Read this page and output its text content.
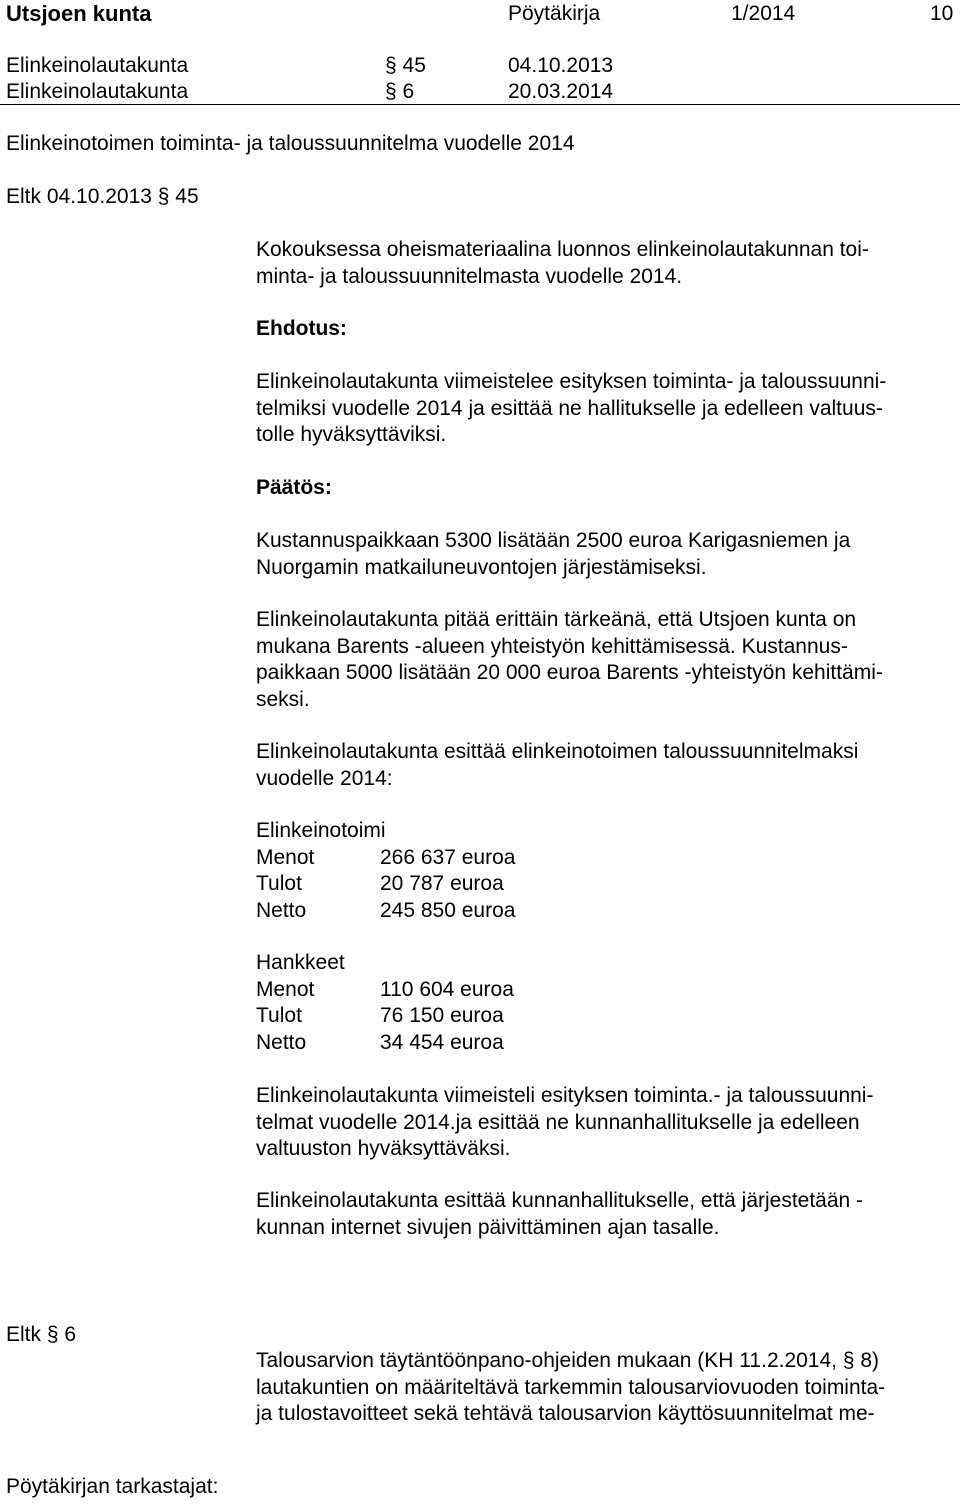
Utsjoen kunta	Pöytäkirja	1/2014	10
Elinkeinolautakunta	§ 45	04.10.2013
Elinkeinolautakunta	§ 6	20.03.2014
Elinkeinotoimen toiminta- ja taloussuunnitelma vuodelle 2014
Eltk 04.10.2013 § 45
Kokouksessa oheismateriaalina luonnos elinkeinolautakunnan toi-
minta- ja taloussuunnitelmasta vuodelle 2014.
Ehdotus:
Elinkeinolautakunta viimeistelee esityksen toiminta- ja taloussuunni-
telmiksi vuodelle 2014 ja esittää ne hallitukselle ja edelleen valtuus-
tolle hyväksyttäviksi.
Päätös:
Kustannuspaikkaan 5300 lisätään 2500 euroa Karigasniemen ja
Nuorgamin matkailuneuvontojen järjestämiseksi.
Elinkeinolautakunta pitää erittäin tärkeänä, että Utsjoen kunta on
mukana Barents -alueen yhteistyön kehittämisessä. Kustannus-
paikkaan 5000 lisätään 20 000 euroa Barents -yhteistyön kehittämi-
seksi.
Elinkeinolautakunta esittää elinkeinotoimen taloussuunnitelmaksi
vuodelle 2014:
Elinkeinotoimi
Menot	266 637 euroa
Tulot	20 787 euroa
Netto	245 850 euroa
Hankkeet
Menot	110 604 euroa
Tulot	76 150 euroa
Netto	34 454 euroa
Elinkeinolautakunta viimeisteli esityksen toiminta.- ja taloussuunni-
telmat vuodelle 2014.ja esittää ne kunnanhallitukselle ja edelleen
valtuuston hyväksyttäväksi.
Elinkeinolautakunta esittää kunnanhallitukselle, että järjestetään -
kunnan internet sivujen päivittäminen ajan tasalle.
Eltk § 6
Talousarvion täytäntöönpano-ohjeiden mukaan (KH 11.2.2014, § 8)
lautakuntien on määriteltävä tarkemmin talousarviovuoden toiminta-
ja tulostavoitteet sekä tehtävä talousarvion käyttösuunnitelmat me-
Pöytäkirjan tarkastajat:
